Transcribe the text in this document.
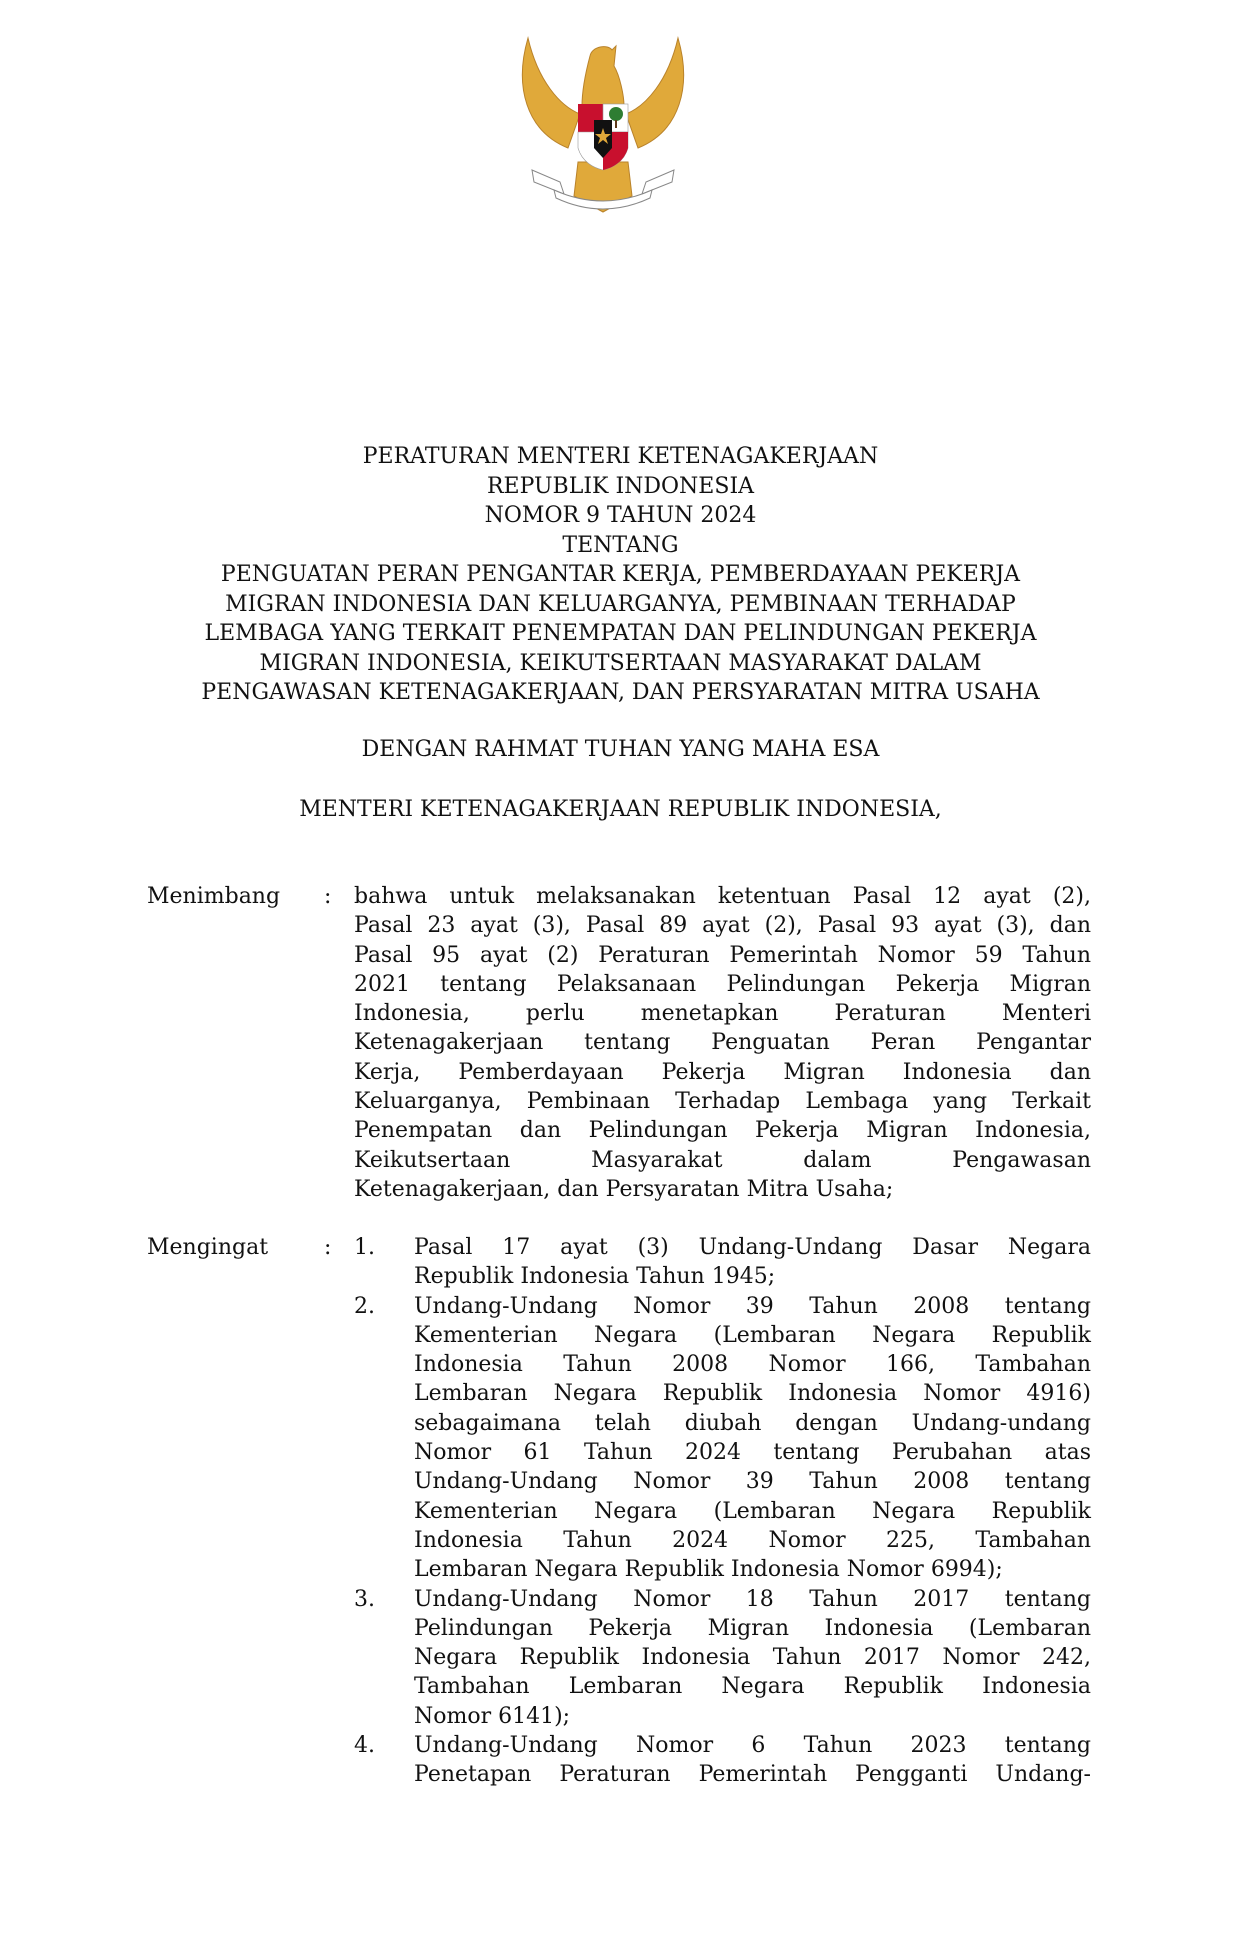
PERATURAN MENTERI KETENAGAKERJAAN
REPUBLIK INDONESIA
NOMOR 9 TAHUN 2024
TENTANG
PENGUATAN PERAN PENGANTAR KERJA, PEMBERDAYAAN PEKERJA
MIGRAN INDONESIA DAN KELUARGANYA, PEMBINAAN TERHADAP
LEMBAGA YANG TERKAIT PENEMPATAN DAN PELINDUNGAN PEKERJA
MIGRAN INDONESIA, KEIKUTSERTAAN MASYARAKAT DALAM
PENGAWASAN KETENAGAKERJAAN, DAN PERSYARATAN MITRA USAHA
DENGAN RAHMAT TUHAN YANG MAHA ESA
MENTERI KETENAGAKERJAAN REPUBLIK INDONESIA,
Menimbang : bahwa untuk melaksanakan ketentuan Pasal 12 ayat (2),
Pasal 23 ayat (3), Pasal 89 ayat (2), Pasal 93 ayat (3), dan
Pasal 95 ayat (2) Peraturan Pemerintah Nomor 59 Tahun
2021 tentang Pelaksanaan Pelindungan Pekerja Migran
Indonesia, perlu menetapkan Peraturan Menteri
Ketenagakerjaan tentang Penguatan Peran Pengantar
Kerja, Pemberdayaan Pekerja Migran Indonesia dan
Keluarganya, Pembinaan Terhadap Lembaga yang Terkait
Penempatan dan Pelindungan Pekerja Migran Indonesia,
Keikutsertaan Masyarakat dalam Pengawasan
Ketenagakerjaan, dan Persyaratan Mitra Usaha;
Mengingat	: 1. Pasal 17 ayat (3) Undang-Undang Dasar Negara
Republik Indonesia Tahun 1945;
2. Undang-Undang Nomor 39 Tahun 2008 tentang
Kementerian Negara (Lembaran Negara Republik
Indonesia Tahun 2008 Nomor 166, Tambahan
Lembaran Negara Republik Indonesia Nomor 4916)
sebagaimana telah diubah dengan Undang-undang
Nomor 61 Tahun 2024 tentang Perubahan atas
Undang-Undang Nomor 39 Tahun 2008 tentang
Kementerian Negara (Lembaran Negara Republik
Indonesia Tahun 2024 Nomor 225, Tambahan
Lembaran Negara Republik Indonesia Nomor 6994);
3. Undang-Undang Nomor 18 Tahun 2017 tentang
Pelindungan Pekerja Migran Indonesia (Lembaran
Negara Republik Indonesia Tahun 2017 Nomor 242,
Tambahan Lembaran Negara Republik Indonesia
Nomor 6141);
4. Undang-Undang Nomor 6 Tahun 2023 tentang
Penetapan Peraturan Pemerintah Pengganti Undang-
